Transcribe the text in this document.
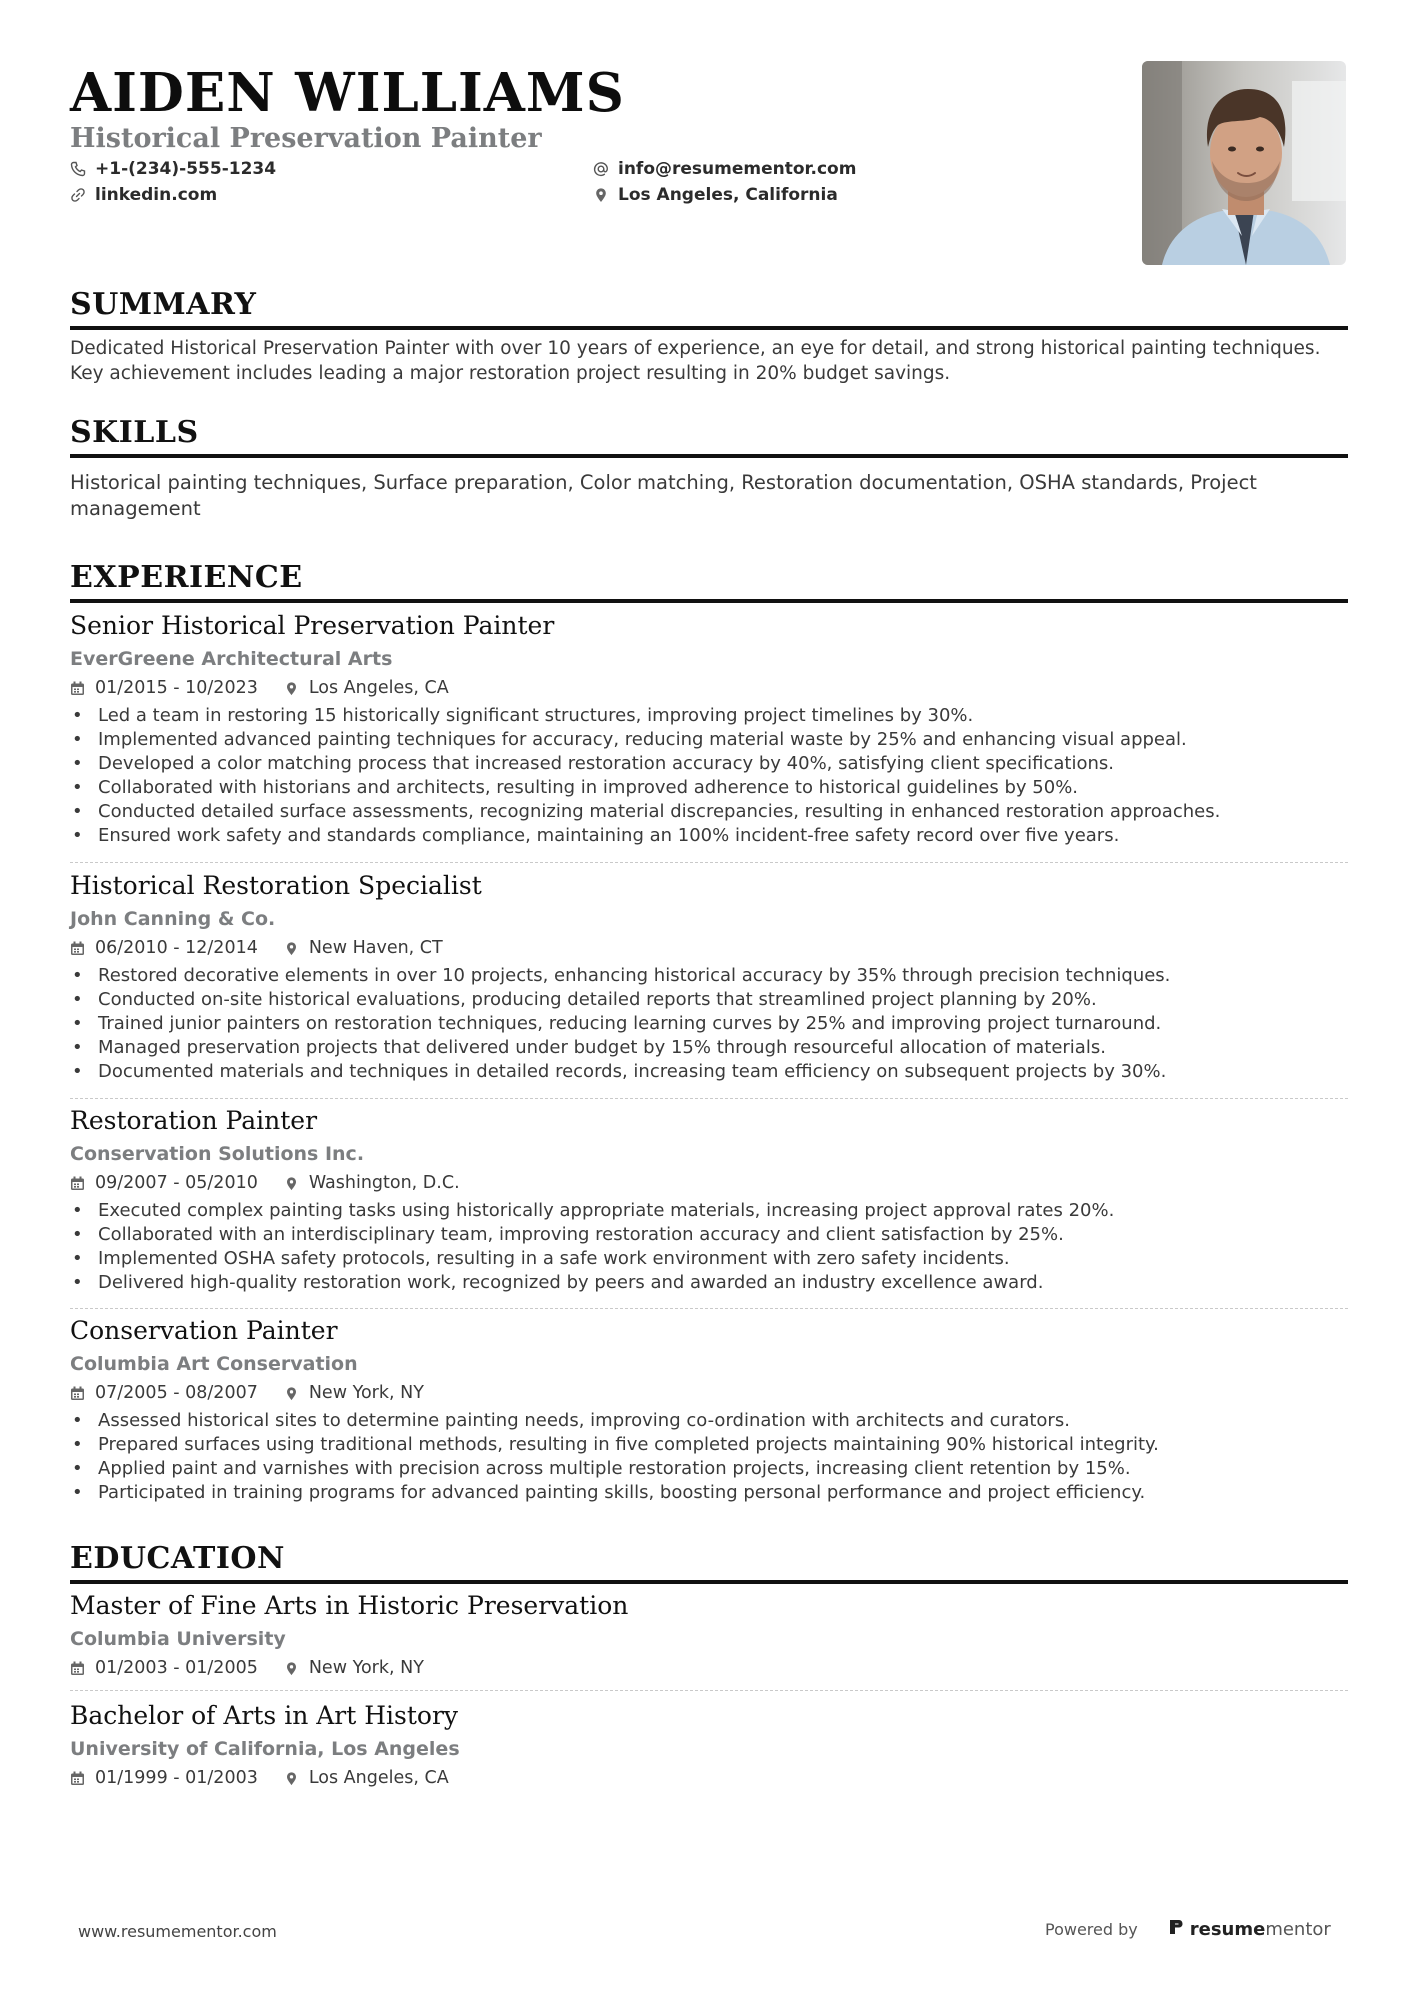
AIDEN WILLIAMS
Historical Preservation Painter
+1-(234)-555-1234
linkedin.com
info@resumementor.com
Los Angeles, California
SUMMARY
Dedicated Historical Preservation Painter with over 10 years of experience, an eye for detail, and strong historical painting techniques.
Key achievement includes leading a major restoration project resulting in 20% budget savings.
SKILLS
Historical painting techniques, Surface preparation, Color matching, Restoration documentation, OSHA standards, Project
management
EXPERIENCE
Senior Historical Preservation Painter
EverGreene Architectural Arts
01/2015 - 10/2023	Los Angeles, CA
• Led a team in restoring 15 historically significant structures, improving project timelines by 30%.
• Implemented advanced painting techniques for accuracy, reducing material waste by 25% and enhancing visual appeal.
• Developed a color matching process that increased restoration accuracy by 40%, satisfying client specifications.
• Collaborated with historians and architects, resulting in improved adherence to historical guidelines by 50%.
• Conducted detailed surface assessments, recognizing material discrepancies, resulting in enhanced restoration approaches.
• Ensured work safety and standards compliance, maintaining an 100% incident-free safety record over five years.
Historical Restoration Specialist
John Canning & Co.
06/2010 - 12/2014	New Haven, CT
• Restored decorative elements in over 10 projects, enhancing historical accuracy by 35% through precision techniques.
• Conducted on-site historical evaluations, producing detailed reports that streamlined project planning by 20%.
• Trained junior painters on restoration techniques, reducing learning curves by 25% and improving project turnaround.
• Managed preservation projects that delivered under budget by 15% through resourceful allocation of materials.
• Documented materials and techniques in detailed records, increasing team efficiency on subsequent projects by 30%.
Restoration Painter
Conservation Solutions Inc.
09/2007 - 05/2010	Washington, D.C.
• Executed complex painting tasks using historically appropriate materials, increasing project approval rates 20%.
• Collaborated with an interdisciplinary team, improving restoration accuracy and client satisfaction by 25%.
• Implemented OSHA safety protocols, resulting in a safe work environment with zero safety incidents.
• Delivered high-quality restoration work, recognized by peers and awarded an industry excellence award.
Conservation Painter
Columbia Art Conservation
07/2005 - 08/2007	New York, NY
• Assessed historical sites to determine painting needs, improving co-ordination with architects and curators.
• Prepared surfaces using traditional methods, resulting in five completed projects maintaining 90% historical integrity.
• Applied paint and varnishes with precision across multiple restoration projects, increasing client retention by 15%.
• Participated in training programs for advanced painting skills, boosting personal performance and project efficiency.
EDUCATION
Master of Fine Arts in Historic Preservation
Columbia University
01/2003 - 01/2005	New York, NY
Bachelor of Arts in Art History
University of California, Los Angeles
01/1999 - 01/2003	Los Angeles, CA
www.resumementor.com	Powered by	resume mentor
